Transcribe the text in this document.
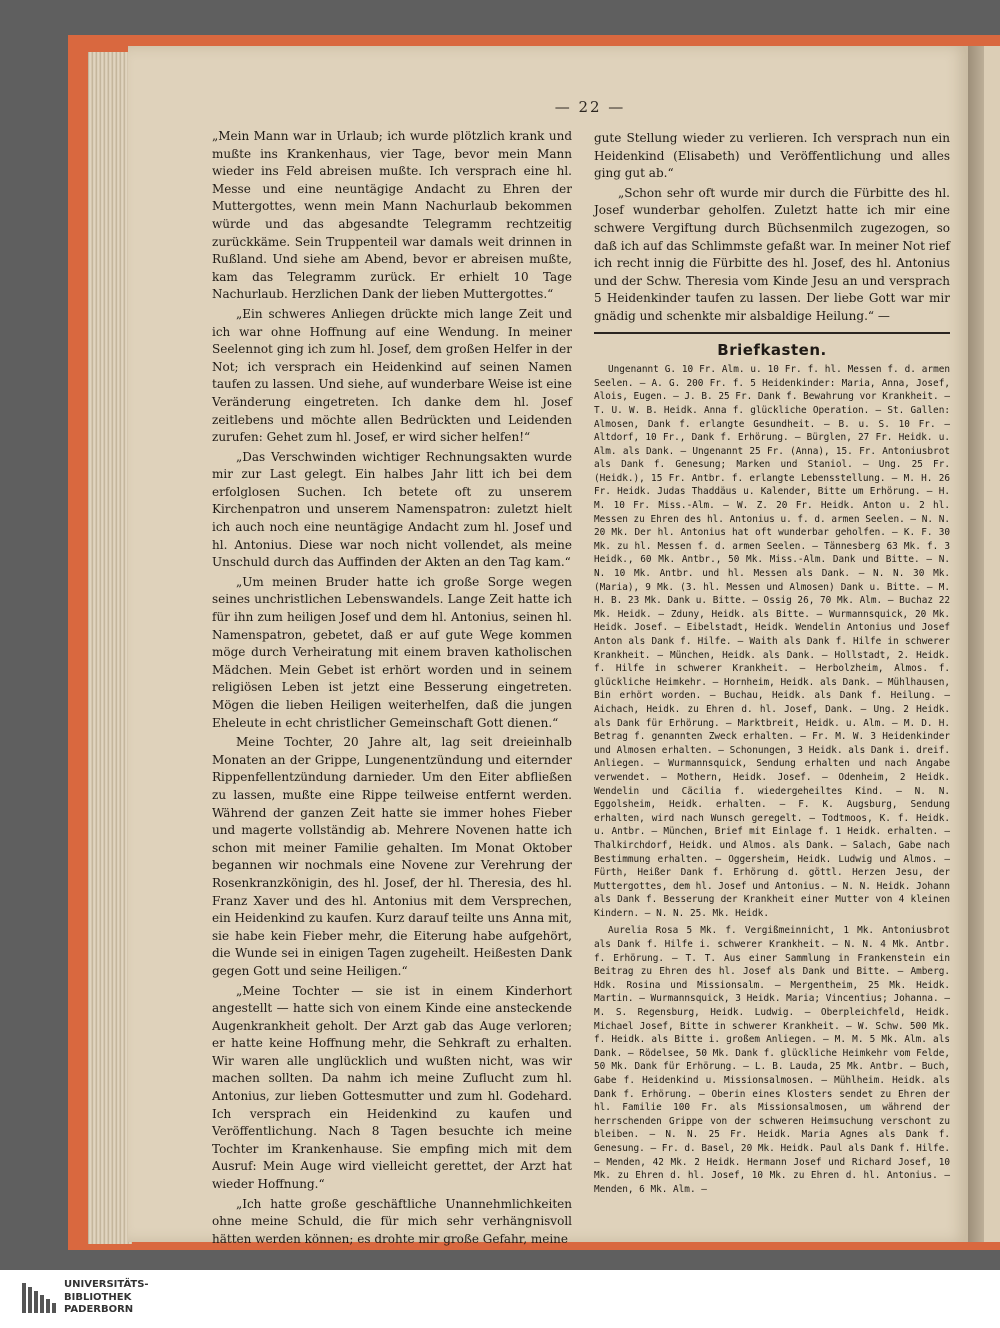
— 22 —

„Mein Mann war in Urlaub; ich wurde plötzlich krank und mußte ins Krankenhaus, vier Tage, bevor mein Mann wieder ins Feld abreisen mußte. Ich versprach eine hl. Messe und eine neuntägige Andacht zu Ehren der Muttergottes, wenn mein Mann Nachurlaub bekommen würde und das abgesandte Telegramm rechtzeitig zurückkäme. Sein Truppenteil war damals weit drinnen in Rußland. Und siehe am Abend, bevor er abreisen mußte, kam das Telegramm zurück. Er erhielt 10 Tage Nachurlaub. Herzlichen Dank der lieben Muttergottes.“

„Ein schweres Anliegen drückte mich lange Zeit und ich war ohne Hoffnung auf eine Wendung. In meiner Seelennot ging ich zum hl. Josef, dem großen Helfer in der Not; ich versprach ein Heidenkind auf seinen Namen taufen zu lassen. Und siehe, auf wunderbare Weise ist eine Veränderung eingetreten. Ich danke dem hl. Josef zeitlebens und möchte allen Bedrückten und Leidenden zurufen: Gehet zum hl. Josef, er wird sicher helfen!“

„Das Verschwinden wichtiger Rechnungsakten wurde mir zur Last gelegt. Ein halbes Jahr litt ich bei dem erfolglosen Suchen. Ich betete oft zu unserem Kirchenpatron und unserem Namenspatron: zuletzt hielt ich auch noch eine neuntägige Andacht zum hl. Josef und hl. Antonius. Diese war noch nicht vollendet, als meine Unschuld durch das Auffinden der Akten an den Tag kam.“

„Um meinen Bruder hatte ich große Sorge wegen seines unchristlichen Lebenswandels. Lange Zeit hatte ich für ihn zum heiligen Josef und dem hl. Antonius, seinen hl. Namenspatron, gebetet, daß er auf gute Wege kommen möge durch Verheiratung mit einem braven katholischen Mädchen. Mein Gebet ist erhört worden und in seinem religiösen Leben ist jetzt eine Besserung eingetreten. Mögen die lieben Heiligen weiterhelfen, daß die jungen Eheleute in echt christlicher Gemeinschaft Gott dienen.“

Meine Tochter, 20 Jahre alt, lag seit dreieinhalb Monaten an der Grippe, Lungenentzündung und eiternder Rippenfellentzündung darnieder. Um den Eiter abfließen zu lassen, mußte eine Rippe teilweise entfernt werden. Während der ganzen Zeit hatte sie immer hohes Fieber und magerte vollständig ab. Mehrere Novenen hatte ich schon mit meiner Familie gehalten. Im Monat Oktober begannen wir nochmals eine Novene zur Verehrung der Rosenkranzkönigin, des hl. Josef, der hl. Theresia, des hl. Franz Xaver und des hl. Antonius mit dem Versprechen, ein Heidenkind zu kaufen. Kurz darauf teilte uns Anna mit, sie habe kein Fieber mehr, die Eiterung habe aufgehört, die Wunde sei in einigen Tagen zugeheilt. Heißesten Dank gegen Gott und seine Heiligen.“

„Meine Tochter — sie ist in einem Kinderhort angestellt — hatte sich von einem Kinde eine ansteckende Augenkrankheit geholt. Der Arzt gab das Auge verloren; er hatte keine Hoffnung mehr, die Sehkraft zu erhalten. Wir waren alle unglücklich und wußten nicht, was wir machen sollten. Da nahm ich meine Zuflucht zum hl. Antonius, zur lieben Gottesmutter und zum hl. Godehard. Ich versprach ein Heidenkind zu kaufen und Veröffentlichung. Nach 8 Tagen besuchte ich meine Tochter im Krankenhause. Sie empfing mich mit dem Ausruf: Mein Auge wird vielleicht gerettet, der Arzt hat wieder Hoffnung.“

„Ich hatte große geschäftliche Unannehmlichkeiten ohne meine Schuld, die für mich sehr verhängnisvoll hätten werden können; es drohte mir große Gefahr, meine

gute Stellung wieder zu verlieren. Ich versprach nun ein Heidenkind (Elisabeth) und Veröffentlichung und alles ging gut ab.“

„Schon sehr oft wurde mir durch die Fürbitte des hl. Josef wunderbar geholfen. Zuletzt hatte ich mir eine schwere Vergiftung durch Büchsenmilch zugezogen, so daß ich auf das Schlimmste gefaßt war. In meiner Not rief ich recht innig die Fürbitte des hl. Josef, des hl. Antonius und der Schw. Theresia vom Kinde Jesu an und versprach 5 Heidenkinder taufen zu lassen. Der liebe Gott war mir gnädig und schenkte mir alsbaldige Heilung.“ —

Briefkasten.

Ungenannt G. 10 Fr. Alm. u. 10 Fr. f. hl. Messen f. d. armen Seelen. — A. G. 200 Fr. f. 5 Heidenkinder: Maria, Anna, Josef, Alois, Eugen. — J. B. 25 Fr. Dank f. Bewahrung vor Krankheit. — T. U. W. B. Heidk. Anna f. glückliche Operation. — St. Gallen: Almosen, Dank f. erlangte Gesundheit. — B. u. S. 10 Fr. — Altdorf, 10 Fr., Dank f. Erhörung. — Bürglen, 27 Fr. Heidk. u. Alm. als Dank. — Ungenannt 25 Fr. (Anna), 15. Fr. Antoniusbrot als Dank f. Genesung; Marken und Staniol. — Ung. 25 Fr. (Heidk.), 15 Fr. Antbr. f. erlangte Lebensstellung. — M. H. 26 Fr. Heidk. Judas Thaddäus u. Kalender, Bitte um Erhörung. — H. M. 10 Fr. Miss.-Alm. — W. Z. 20 Fr. Heidk. Anton u. 2 hl. Messen zu Ehren des hl. Antonius u. f. d. armen Seelen. — N. N. 20 Mk. Der hl. Antonius hat oft wunderbar geholfen. — K. F. 30 Mk. zu hl. Messen f. d. armen Seelen. — Tännesberg 63 Mk. f. 3 Heidk., 60 Mk. Antbr., 50 Mk. Miss.-Alm. Dank und Bitte. — N. N. 10 Mk. Antbr. und hl. Messen als Dank. — N. N. 30 Mk. (Maria), 9 Mk. (3. hl. Messen und Almosen) Dank u. Bitte. — M. H. B. 23 Mk. Dank u. Bitte. — Ossig 26, 70 Mk. Alm. — Buchaz 22 Mk. Heidk. — Zduny, Heidk. als Bitte. — Wurmannsquick, 20 Mk. Heidk. Josef. — Eibelstadt, Heidk. Wendelin Antonius und Josef Anton als Dank f. Hilfe. — Waith als Dank f. Hilfe in schwerer Krankheit. — München, Heidk. als Dank. — Hollstadt, 2. Heidk. f. Hilfe in schwerer Krankheit. — Herbolzheim, Almos. f. glückliche Heimkehr. — Hornheim, Heidk. als Dank. — Mühlhausen, Bin erhört worden. — Buchau, Heidk. als Dank f. Heilung. — Aichach, Heidk. zu Ehren d. hl. Josef, Dank. — Ung. 2 Heidk. als Dank für Erhörung. — Marktbreit, Heidk. u. Alm. — M. D. H. Betrag f. genannten Zweck erhalten. — Fr. M. W. 3 Heidenkinder und Almosen erhalten. — Schonungen, 3 Heidk. als Dank i. dreif. Anliegen. — Wurmannsquick, Sendung erhalten und nach Angabe verwendet. — Mothern, Heidk. Josef. — Odenheim, 2 Heidk. Wendelin und Cäcilia f. wiedergeheiltes Kind. — N. N. Eggolsheim, Heidk. erhalten. — F. K. Augsburg, Sendung erhalten, wird nach Wunsch geregelt. — Todtmoos, K. f. Heidk. u. Antbr. — München, Brief mit Einlage f. 1 Heidk. erhalten. — Thalkirchdorf, Heidk. und Almos. als Dank. — Salach, Gabe nach Bestimmung erhalten. — Oggersheim, Heidk. Ludwig und Almos. — Fürth, Heißer Dank f. Erhörung d. göttl. Herzen Jesu, der Muttergottes, dem hl. Josef und Antonius. — N. N. Heidk. Johann als Dank f. Besserung der Krankheit einer Mutter von 4 kleinen Kindern. — N. N. 25. Mk. Heidk.

Aurelia Rosa 5 Mk. f. Vergißmeinnicht, 1 Mk. Antoniusbrot als Dank f. Hilfe i. schwerer Krankheit. — N. N. 4 Mk. Antbr. f. Erhörung. — T. T. Aus einer Sammlung in Frankenstein ein Beitrag zu Ehren des hl. Josef als Dank und Bitte. — Amberg. Hdk. Rosina und Missionsalm. — Mergentheim, 25 Mk. Heidk. Martin. — Wurmannsquick, 3 Heidk. Maria; Vincentius; Johanna. — M. S. Regensburg, Heidk. Ludwig. — Oberpleichfeld, Heidk. Michael Josef, Bitte in schwerer Krankheit. — W. Schw. 500 Mk. f. Heidk. als Bitte i. großem Anliegen. — M. M. 5 Mk. Alm. als Dank. — Rödelsee, 50 Mk. Dank f. glückliche Heimkehr vom Felde, 50 Mk. Dank für Erhörung. — L. B. Lauda, 25 Mk. Antbr. — Buch, Gabe f. Heidenkind u. Missionsalmosen. — Mühlheim. Heidk. als Dank f. Erhörung. — Oberin eines Klosters sendet zu Ehren der hl. Familie 100 Fr. als Missionsalmosen, um während der herrschenden Grippe von der schweren Heimsuchung verschont zu bleiben. — N. N. 25 Fr. Heidk. Maria Agnes als Dank f. Genesung. — Fr. d. Basel, 20 Mk. Heidk. Paul als Dank f. Hilfe. — Menden, 42 Mk. 2 Heidk. Hermann Josef und Richard Josef, 10 Mk. zu Ehren d. hl. Josef, 10 Mk. zu Ehren d. hl. Antonius. — Menden, 6 Mk. Alm. —

UNIVERSITÄTS-
BIBLIOTHEK
PADERBORN
